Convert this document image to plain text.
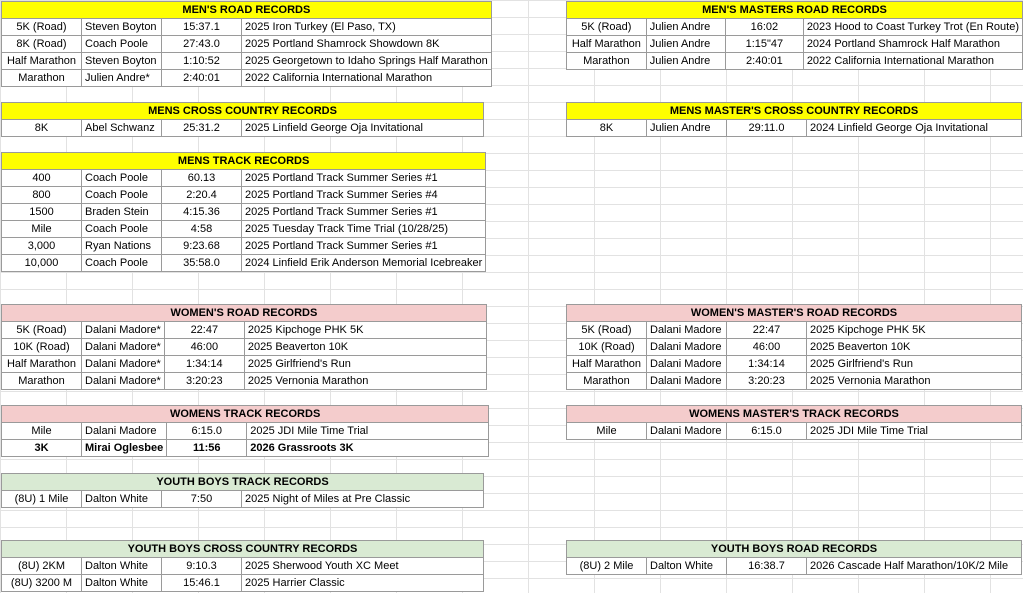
MEN'S ROAD RECORDS			
5K (Road)	Steven Boyton	15:37.1	2025 Iron Turkey (El Paso, TX)
8K (Road)	Coach Poole	27:43.0	2025 Portland Shamrock Showdown 8K
Half Marathon	Steven Boyton	1:10:52	2025 Georgetown to Idaho Springs Half Marathon
Marathon	Julien Andre*	2:40:01	2022 California International Marathon
MENS CROSS COUNTRY RECORDS
8K	Abel Schwanz	25:31.2	2025 Linfield George Oja Invitational
MENS TRACK RECORDS			
400	Coach Poole	60.13	2025 Portland Track Summer Series #1
800	Coach Poole	2:20.4	2025 Portland Track Summer Series #4
1500	Braden Stein	4:15.36	2025 Portland Track Summer Series #1
Mile	Coach Poole	4:58	2025 Tuesday Track Time Trial (10/28/25)
3,000	Ryan Nations	9:23.68	2025 Portland Track Summer Series #1
10,000	Coach Poole	35:58.0	2024 Linfield Erik Anderson Memorial Icebreaker
WOMEN'S ROAD RECORDS			
5K (Road)	Dalani Madore*	22:47	2025 Kipchoge PHK 5K
10K (Road)	Dalani Madore*	46:00	2025 Beaverton 10K
Half Marathon	Dalani Madore*	1:34:14	2025 Girlfriend's Run
Marathon	Dalani Madore*	3:20:23	2025 Vernonia Marathon
WOMENS TRACK RECORDS			
Mile	Dalani Madore	6:15.0	2025 JDI Mile Time Trial
3K	Mirai Oglesbee	11:56	2026 Grassroots 3K
YOUTH BOYS TRACK RECORDS
(8U) 1 Mile	Dalton White	7:50	2025 Night of Miles at Pre Classic
YOUTH BOYS CROSS COUNTRY RECORDS			
(8U) 2KM	Dalton White	9:10.3	2025 Sherwood Youth XC Meet
(8U) 3200 M	Dalton White	15:46.1	2025 Harrier Classic
MEN'S MASTERS ROAD RECORDS			
5K (Road)	Julien Andre	16:02	2023 Hood to Coast Turkey Trot (En Route)
Half Marathon	Julien Andre	1:15"47	2024 Portland Shamrock Half Marathon
Marathon	Julien Andre	2:40:01	2022 California International Marathon
MENS MASTER'S CROSS COUNTRY RECORDS
8K	Julien Andre	29:11.0	2024 Linfield George Oja Invitational
WOMEN'S MASTER'S ROAD RECORDS			
5K (Road)	Dalani Madore	22:47	2025 Kipchoge PHK 5K
10K (Road)	Dalani Madore	46:00	2025 Beaverton 10K
Half Marathon	Dalani Madore	1:34:14	2025 Girlfriend's Run
Marathon	Dalani Madore	3:20:23	2025 Vernonia Marathon
WOMENS MASTER'S TRACK RECORDS
Mile	Dalani Madore	6:15.0	2025 JDI Mile Time Trial
YOUTH BOYS ROAD RECORDS
(8U) 2 Mile	Dalton White	16:38.7	2026 Cascade Half Marathon/10K/2 Mile
